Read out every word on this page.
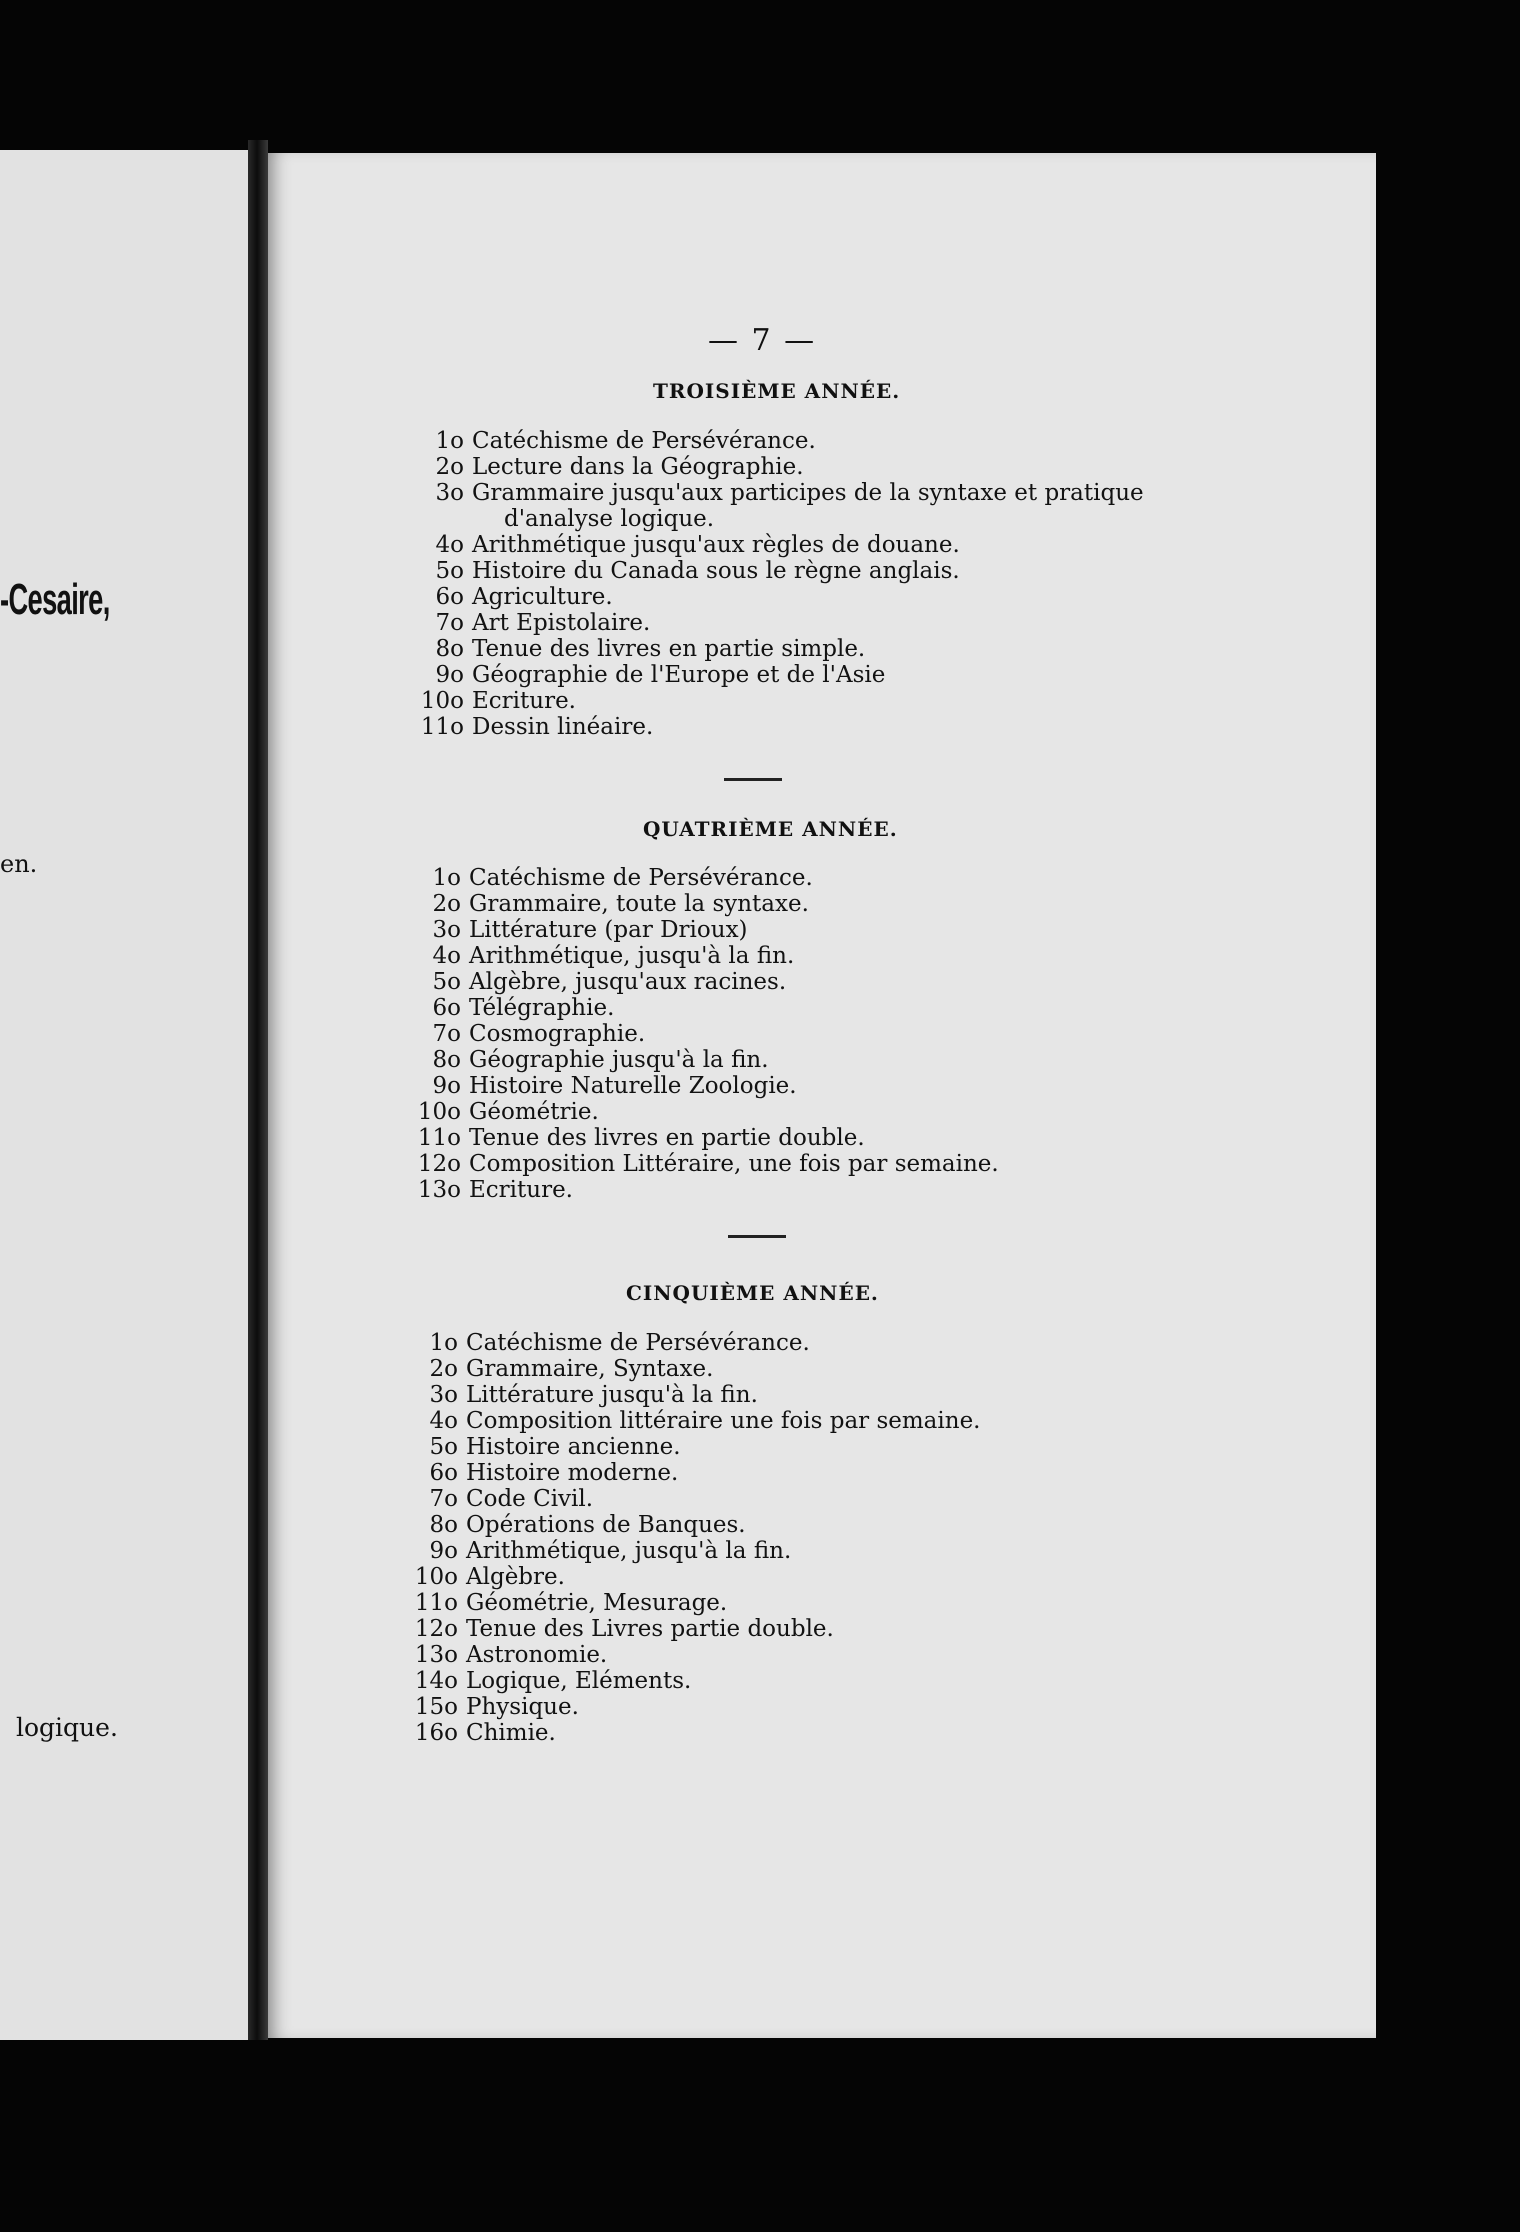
-Cesaire,
en.
logique.
— 7 —
TROISIÈME ANNÉE.
1o Catéchisme de Persévérance.
2o Lecture dans la Géographie.
3o Grammaire jusqu'aux participes de la syntaxe et pratique
d'analyse logique.
4o Arithmétique jusqu'aux règles de douane.
5o Histoire du Canada sous le règne anglais.
6o Agriculture.
7o Art Epistolaire.
8o Tenue des livres en partie simple.
9o Géographie de l'Europe et de l'Asie
10o Ecriture.
11o Dessin linéaire.
QUATRIÈME ANNÉE.
1o Catéchisme de Persévérance.
2o Grammaire, toute la syntaxe.
3o Littérature (par Drioux)
4o Arithmétique, jusqu'à la fin.
5o Algèbre, jusqu'aux racines.
6o Télégraphie.
7o Cosmographie.
8o Géographie jusqu'à la fin.
9o Histoire Naturelle Zoologie.
10o Géométrie.
11o Tenue des livres en partie double.
12o Composition Littéraire, une fois par semaine.
13o Ecriture.
CINQUIÈME ANNÉE.
1o Catéchisme de Persévérance.
2o Grammaire, Syntaxe.
3o Littérature jusqu'à la fin.
4o Composition littéraire une fois par semaine.
5o Histoire ancienne.
6o Histoire moderne.
7o Code Civil.
8o Opérations de Banques.
9o Arithmétique, jusqu'à la fin.
10o Algèbre.
11o Géométrie, Mesurage.
12o Tenue des Livres partie double.
13o Astronomie.
14o Logique, Eléments.
15o Physique.
16o Chimie.
